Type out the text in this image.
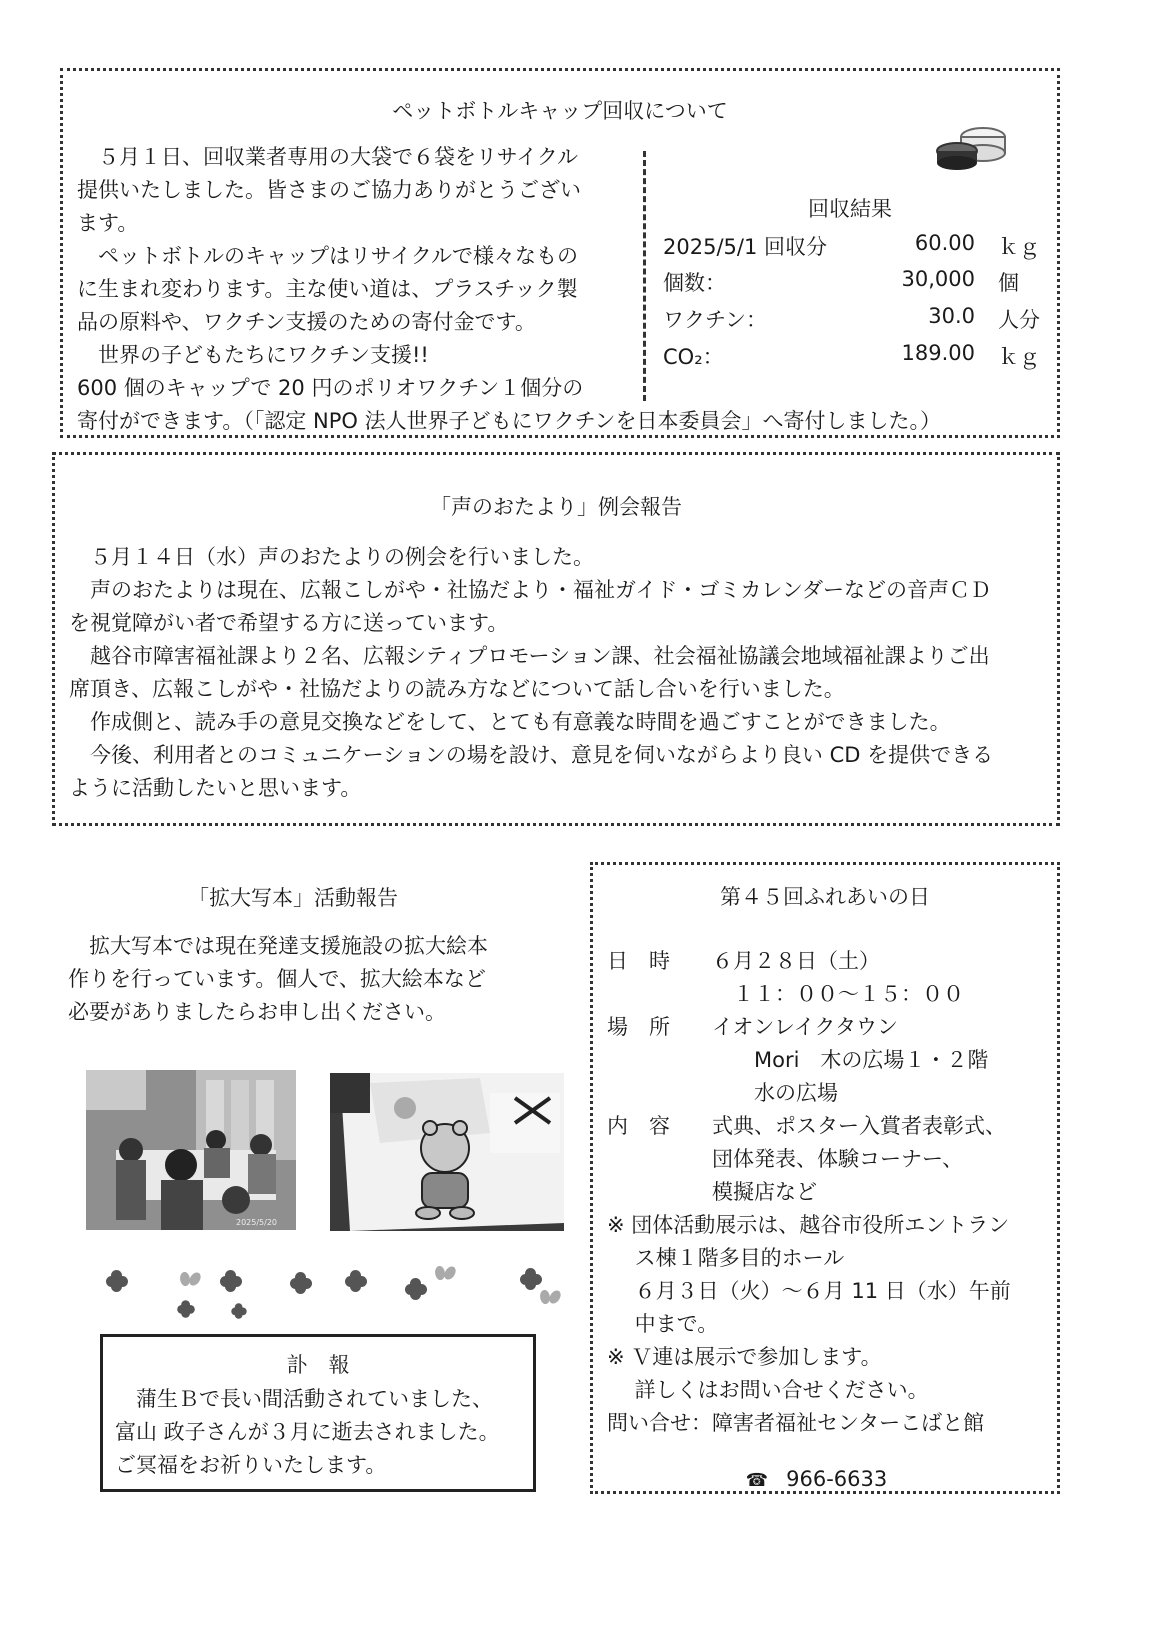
ペットボトルキャップ回収について
　５月１日、回収業者専用の大袋で６袋をリサイクル
提供いたしました。皆さまのご協力ありがとうござい
ます。
　ペットボトルのキャップはリサイクルで様々なもの
に生まれ変わります。主な使い道は、プラスチック製
品の原料や、ワクチン支援のための寄付金です。
　世界の子どもたちにワクチン支援!!
600 個のキャップで 20 円のポリオワクチン１個分の
寄付ができます。（「認定 NPO 法人世界子どもにワクチンを日本委員会」へ寄付しました。）
回収結果
2025/5/1 回収分	60.00 ｋｇ
個数：	30,000 個
ワクチン：	30.0 人分
CO₂：	189.00 ｋｇ
「声のおたより」例会報告
　５月１４日（水）声のおたよりの例会を行いました。
　声のおたよりは現在、広報こしがや・社協だより・福祉ガイド・ゴミカレンダーなどの音声ＣＤ
を視覚障がい者で希望する方に送っています。
　越谷市障害福祉課より２名、広報シティプロモーション課、社会福祉協議会地域福祉課よりご出
席頂き、広報こしがや・社協だよりの読み方などについて話し合いを行いました。
　作成側と、読み手の意見交換などをして、とても有意義な時間を過ごすことができました。
　今後、利用者とのコミュニケーションの場を設け、意見を伺いながらより良い CD を提供できる
ように活動したいと思います。
「拡大写本」活動報告
　拡大写本では現在発達支援施設の拡大絵本
作りを行っています。個人で、拡大絵本など
必要がありましたらお申し出ください。
2025/5/20
訃　報
　蒲生Ｂで長い間活動されていました、
富山 政子さんが３月に逝去されました。
ご冥福をお祈りいたします。
第４５回ふれあいの日
日　時　　６月２８日（土）
　　　　　　１１：００～１５：００
場　所　　イオンレイクタウン
　　　　　　　Mori　木の広場１・２階
　　　　　　　水の広場
内　容　　式典、ポスター入賞者表彰式、
　　　　　団体発表、体験コーナー、
　　　　　模擬店など
※ 団体活動展示は、越谷市役所エントラン
　 ス棟１階多目的ホール
　 ６月３日（火）～６月 11 日（水）午前
　 中まで。
※ Ｖ連は展示で参加します。
　 詳しくはお問い合せください。
問い合せ：障害者福祉センターこばと館

☎ 966-6633
